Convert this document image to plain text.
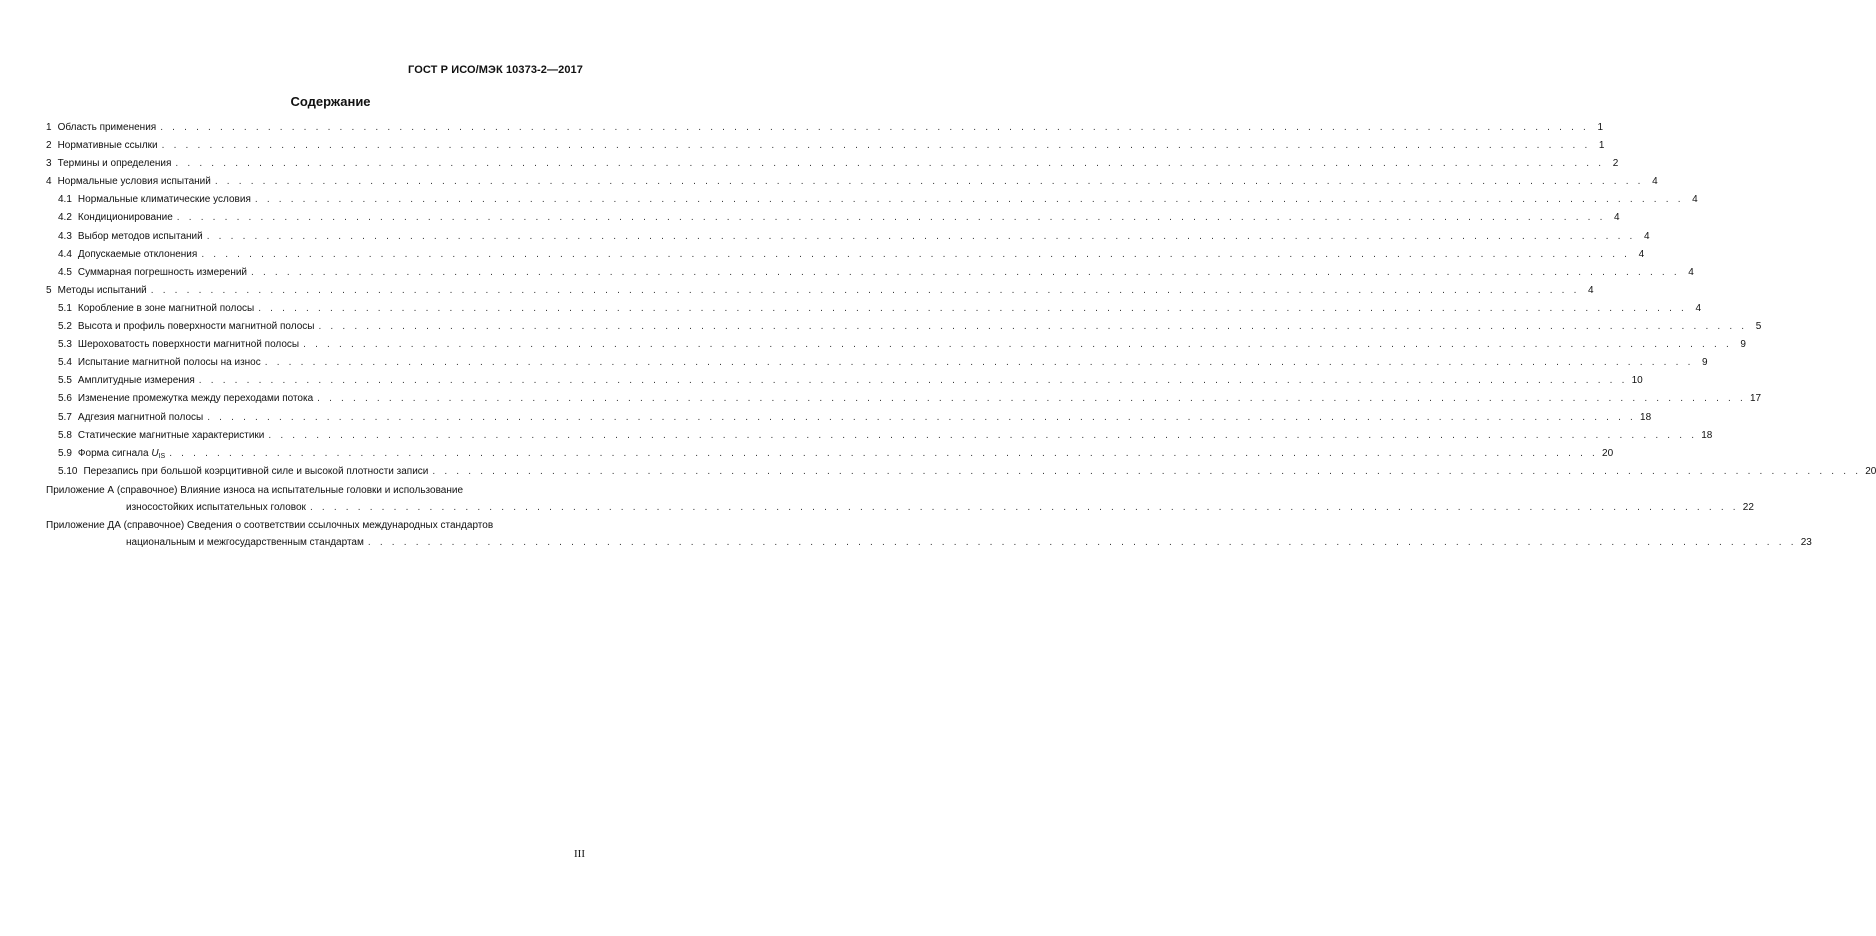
ГОСТ Р ИСО/МЭК 10373-2—2017
Содержание
1 Область применения . . . . . . . . . . . . . . . . . . . . . . . . . . . . . . . . . . . . . . . . . . . . . . . . . . . . . . . . . . . . . . . . . . . . . . . . . . . . . . . . . . . . . . . . . . . . . . . . . . . . . . . . . . . . . . . . . . . . . . . . 1
2 Нормативные ссылки . . . . . . . . . . . . . . . . . . . . . . . . . . . . . . . . . . . . . . . . . . . . . . . . . . . . . . . . . . . . . . . . . . . . . . . . . . . . . . . . . . . . . . . . . . . . . . . . . . . . . . . . . . . . . . . . . . . . . . . . 1
3 Термины и определения . . . . . . . . . . . . . . . . . . . . . . . . . . . . . . . . . . . . . . . . . . . . . . . . . . . . . . . . . . . . . . . . . . . . . . . . . . . . . . . . . . . . . . . . . . . . . . . . . . . . . . . . . . . . . . . . . . . . . . . . 2
4 Нормальные условия испытаний . . . . . . . . . . . . . . . . . . . . . . . . . . . . . . . . . . . . . . . . . . . . . . . . . . . . . . . . . . . . . . . . . . . . . . . . . . . . . . . . . . . . . . . . . . . . . . . . . . . . . . . . . . . . . . . . . . . . . . . . 4
4.1 Нормальные климатические условия . . . . . . . . . . . . . . . . . . . . . . . . . . . . . . . . . . . . . . . . . . . . . . . . . . . . . . . . . . . . . . . . . . . . . . . . . . . . . . . . . . . . . . . . . . . . . . . . . . . . . . . . . . . . . . . . . . . . . . . . 4
4.2 Кондиционирование . . . . . . . . . . . . . . . . . . . . . . . . . . . . . . . . . . . . . . . . . . . . . . . . . . . . . . . . . . . . . . . . . . . . . . . . . . . . . . . . . . . . . . . . . . . . . . . . . . . . . . . . . . . . . . . . . . . . . . . . 4
4.3 Выбор методов испытаний . . . . . . . . . . . . . . . . . . . . . . . . . . . . . . . . . . . . . . . . . . . . . . . . . . . . . . . . . . . . . . . . . . . . . . . . . . . . . . . . . . . . . . . . . . . . . . . . . . . . . . . . . . . . . . . . . . . . . . . . 4
4.4 Допускаемые отклонения . . . . . . . . . . . . . . . . . . . . . . . . . . . . . . . . . . . . . . . . . . . . . . . . . . . . . . . . . . . . . . . . . . . . . . . . . . . . . . . . . . . . . . . . . . . . . . . . . . . . . . . . . . . . . . . . . . . . . . . . 4
4.5 Суммарная погрешность измерений . . . . . . . . . . . . . . . . . . . . . . . . . . . . . . . . . . . . . . . . . . . . . . . . . . . . . . . . . . . . . . . . . . . . . . . . . . . . . . . . . . . . . . . . . . . . . . . . . . . . . . . . . . . . . . . . . . . . . . . . 4
5 Методы испытаний . . . . . . . . . . . . . . . . . . . . . . . . . . . . . . . . . . . . . . . . . . . . . . . . . . . . . . . . . . . . . . . . . . . . . . . . . . . . . . . . . . . . . . . . . . . . . . . . . . . . . . . . . . . . . . . . . . . . . . . . 4
5.1 Коробление в зоне магнитной полосы . . . . . . . . . . . . . . . . . . . . . . . . . . . . . . . . . . . . . . . . . . . . . . . . . . . . . . . . . . . . . . . . . . . . . . . . . . . . . . . . . . . . . . . . . . . . . . . . . . . . . . . . . . . . . . . . . . . . . . . . 4
5.2 Высота и профиль поверхности магнитной полосы . . . . . . . . . . . . . . . . . . . . . . . . . . . . . . . . . . . . . . . . . . . . . . . . . . . . . . . . . . . . . . . . . . . . . . . . . . . . . . . . . . . . . . . . . . . . . . . . . . . . . . . . . . . . . . . . . . . . . . . . 5
5.3 Шероховатость поверхности магнитной полосы . . . . . . . . . . . . . . . . . . . . . . . . . . . . . . . . . . . . . . . . . . . . . . . . . . . . . . . . . . . . . . . . . . . . . . . . . . . . . . . . . . . . . . . . . . . . . . . . . . . . . . . . . . . . . . . . . . . . . . . . 9
5.4 Испытание магнитной полосы на износ . . . . . . . . . . . . . . . . . . . . . . . . . . . . . . . . . . . . . . . . . . . . . . . . . . . . . . . . . . . . . . . . . . . . . . . . . . . . . . . . . . . . . . . . . . . . . . . . . . . . . . . . . . . . . . . . . . . . . . . . 9
5.5 Амплитудные измерения . . . . . . . . . . . . . . . . . . . . . . . . . . . . . . . . . . . . . . . . . . . . . . . . . . . . . . . . . . . . . . . . . . . . . . . . . . . . . . . . . . . . . . . . . . . . . . . . . . . . . . . . . . . . . . . . . . . . . . . . 10
5.6 Изменение промежутка между переходами потока . . . . . . . . . . . . . . . . . . . . . . . . . . . . . . . . . . . . . . . . . . . . . . . . . . . . . . . . . . . . . . . . . . . . . . . . . . . . . . . . . . . . . . . . . . . . . . . . . . . . . . . . . . . . . . . . . . . . . . . . 17
5.7 Адгезия магнитной полосы . . . . . . . . . . . . . . . . . . . . . . . . . . . . . . . . . . . . . . . . . . . . . . . . . . . . . . . . . . . . . . . . . . . . . . . . . . . . . . . . . . . . . . . . . . . . . . . . . . . . . . . . . . . . . . . . . . . . . . . . 18
5.8 Статические магнитные характеристики . . . . . . . . . . . . . . . . . . . . . . . . . . . . . . . . . . . . . . . . . . . . . . . . . . . . . . . . . . . . . . . . . . . . . . . . . . . . . . . . . . . . . . . . . . . . . . . . . . . . . . . . . . . . . . . . . . . . . . . . 18
5.9 Форма сигнала $U_{IS}$ . . . . . . . . . . . . . . . . . . . . . . . . . . . . . . . . . . . . . . . . . . . . . . . . . . . . . . . . . . . . . . . . . . . . . . . . . . . . . . . . . . . . . . . . . . . . . . . . . . . . . . . . . . . . . . . . . . . . . . . . 20
5.10 Перезапись при большой коэрцитивной силе и высокой плотности записи . . . . . . . . . . . . . . . . . . . . . . . . . . . . . . . . . . . . . . . . . . . . . . . . . . . . . . . . . . . . . . . . . . . . . . . . . . . . . . . . . . . . . . . . . . . . . . . . . . . . . . . . . . . . . . . . . . . . . . . . 20
Приложение А (справочное) Влияние износа на испытательные головки и использование
износостойких испытательных головок . . . . . . . . . . . . . . . . . . . . . . . . . . . . . . . . . . . . . . . . . . . . . . . . . . . . . . . . . . . . . . . . . . . . . . . . . . . . . . . . . . . . . . . . . . . . . . . . . . . . . . . . . . . . . . . . . . . . . . . . 22
Приложение ДА (справочное) Сведения о соответствии ссылочных международных стандартов
национальным и межгосударственным стандартам . . . . . . . . . . . . . . . . . . . . . . . . . . . . . . . . . . . . . . . . . . . . . . . . . . . . . . . . . . . . . . . . . . . . . . . . . . . . . . . . . . . . . . . . . . . . . . . . . . . . . . . . . . . . . . . . . . . . . . . . 23
III
